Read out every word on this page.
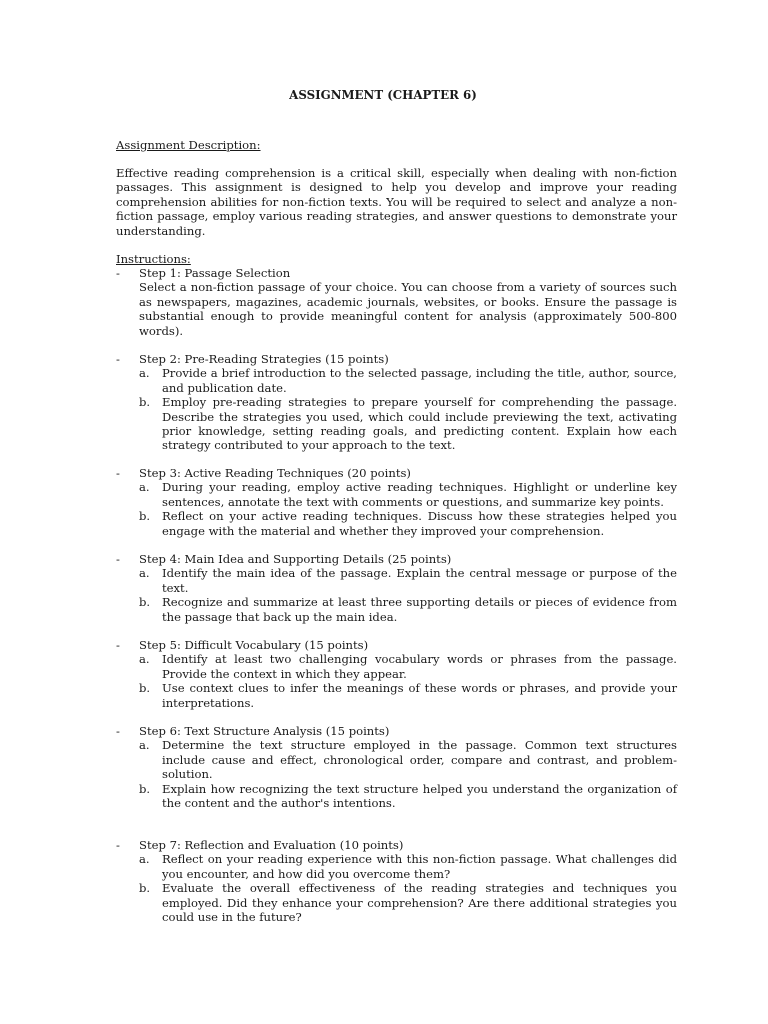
ASSIGNMENT (CHAPTER 6)
Assignment Description:

Effective reading comprehension is a critical skill, especially when dealing with non-fiction passages. This assignment is designed to help you develop and improve your reading comprehension abilities for non-fiction texts. You will be required to select and analyze a non-fiction passage, employ various reading strategies, and answer questions to demonstrate your understanding.

Instructions:

- Step 1: Passage Selection

Select a non-fiction passage of your choice. You can choose from a variety of sources such as newspapers, magazines, academic journals, websites, or books. Ensure the passage is substantial enough to provide meaningful content for analysis (approximately 500-800 words).

- Step 2: Pre-Reading Strategies (15 points)

a. Provide a brief introduction to the selected passage, including the title, author, source, and publication date.

b. Employ pre-reading strategies to prepare yourself for comprehending the passage. Describe the strategies you used, which could include previewing the text, activating prior knowledge, setting reading goals, and predicting content. Explain how each strategy contributed to your approach to the text.

- Step 3: Active Reading Techniques (20 points)

a. During your reading, employ active reading techniques. Highlight or underline key sentences, annotate the text with comments or questions, and summarize key points.

b. Reflect on your active reading techniques. Discuss how these strategies helped you engage with the material and whether they improved your comprehension.

- Step 4: Main Idea and Supporting Details (25 points)

a. Identify the main idea of the passage. Explain the central message or purpose of the text.

b. Recognize and summarize at least three supporting details or pieces of evidence from the passage that back up the main idea.

- Step 5: Difficult Vocabulary (15 points)

a. Identify at least two challenging vocabulary words or phrases from the passage. Provide the context in which they appear.

b. Use context clues to infer the meanings of these words or phrases, and provide your interpretations.

- Step 6: Text Structure Analysis (15 points)

a. Determine the text structure employed in the passage. Common text structures include cause and effect, chronological order, compare and contrast, and problem-solution.

b. Explain how recognizing the text structure helped you understand the organization of the content and the author's intentions.

- Step 7: Reflection and Evaluation (10 points)

a. Reflect on your reading experience with this non-fiction passage. What challenges did you encounter, and how did you overcome them?

b. Evaluate the overall effectiveness of the reading strategies and techniques you employed. Did they enhance your comprehension? Are there additional strategies you could use in the future?
